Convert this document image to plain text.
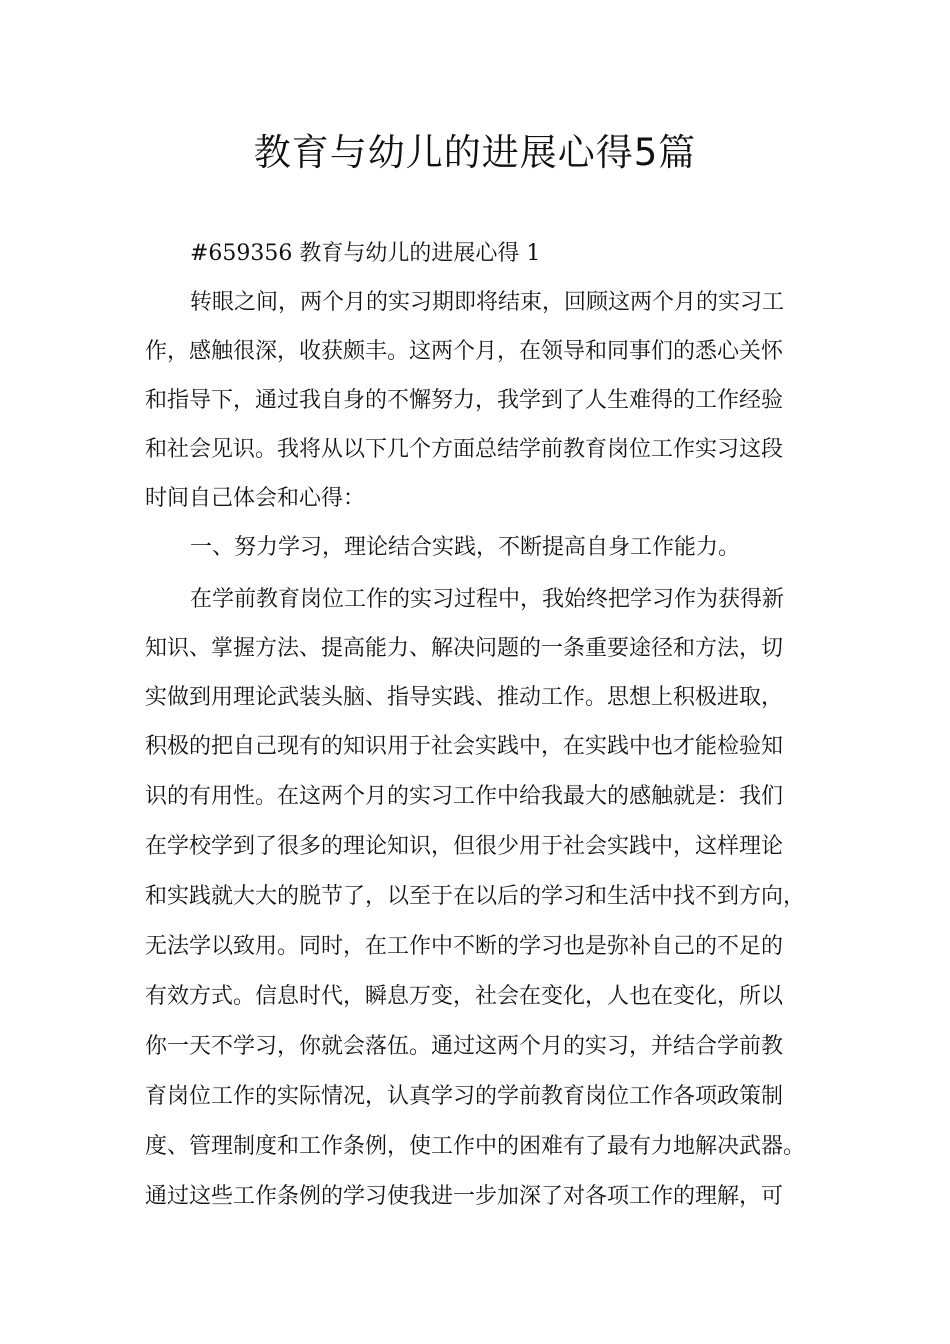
教育与幼儿的进展心得5篇
#659356 教育与幼儿的进展心得 1
转眼之间，两个月的实习期即将结束，回顾这两个月的实习工
作，感触很深，收获颇丰。这两个月，在领导和同事们的悉心关怀
和指导下，通过我自身的不懈努力，我学到了人生难得的工作经验
和社会见识。我将从以下几个方面总结学前教育岗位工作实习这段
时间自己体会和心得：
一、努力学习，理论结合实践，不断提高自身工作能力。
在学前教育岗位工作的实习过程中，我始终把学习作为获得新
知识、掌握方法、提高能力、解决问题的一条重要途径和方法，切
实做到用理论武装头脑、指导实践、推动工作。思想上积极进取，
积极的把自己现有的知识用于社会实践中，在实践中也才能检验知
识的有用性。在这两个月的实习工作中给我最大的感触就是：我们
在学校学到了很多的理论知识，但很少用于社会实践中，这样理论
和实践就大大的脱节了，以至于在以后的学习和生活中找不到方向，
无法学以致用。同时，在工作中不断的学习也是弥补自己的不足的
有效方式。信息时代，瞬息万变，社会在变化，人也在变化，所以
你一天不学习，你就会落伍。通过这两个月的实习，并结合学前教
育岗位工作的实际情况，认真学习的学前教育岗位工作各项政策制
度、管理制度和工作条例，使工作中的困难有了最有力地解决武器。
通过这些工作条例的学习使我进一步加深了对各项工作的理解，可
